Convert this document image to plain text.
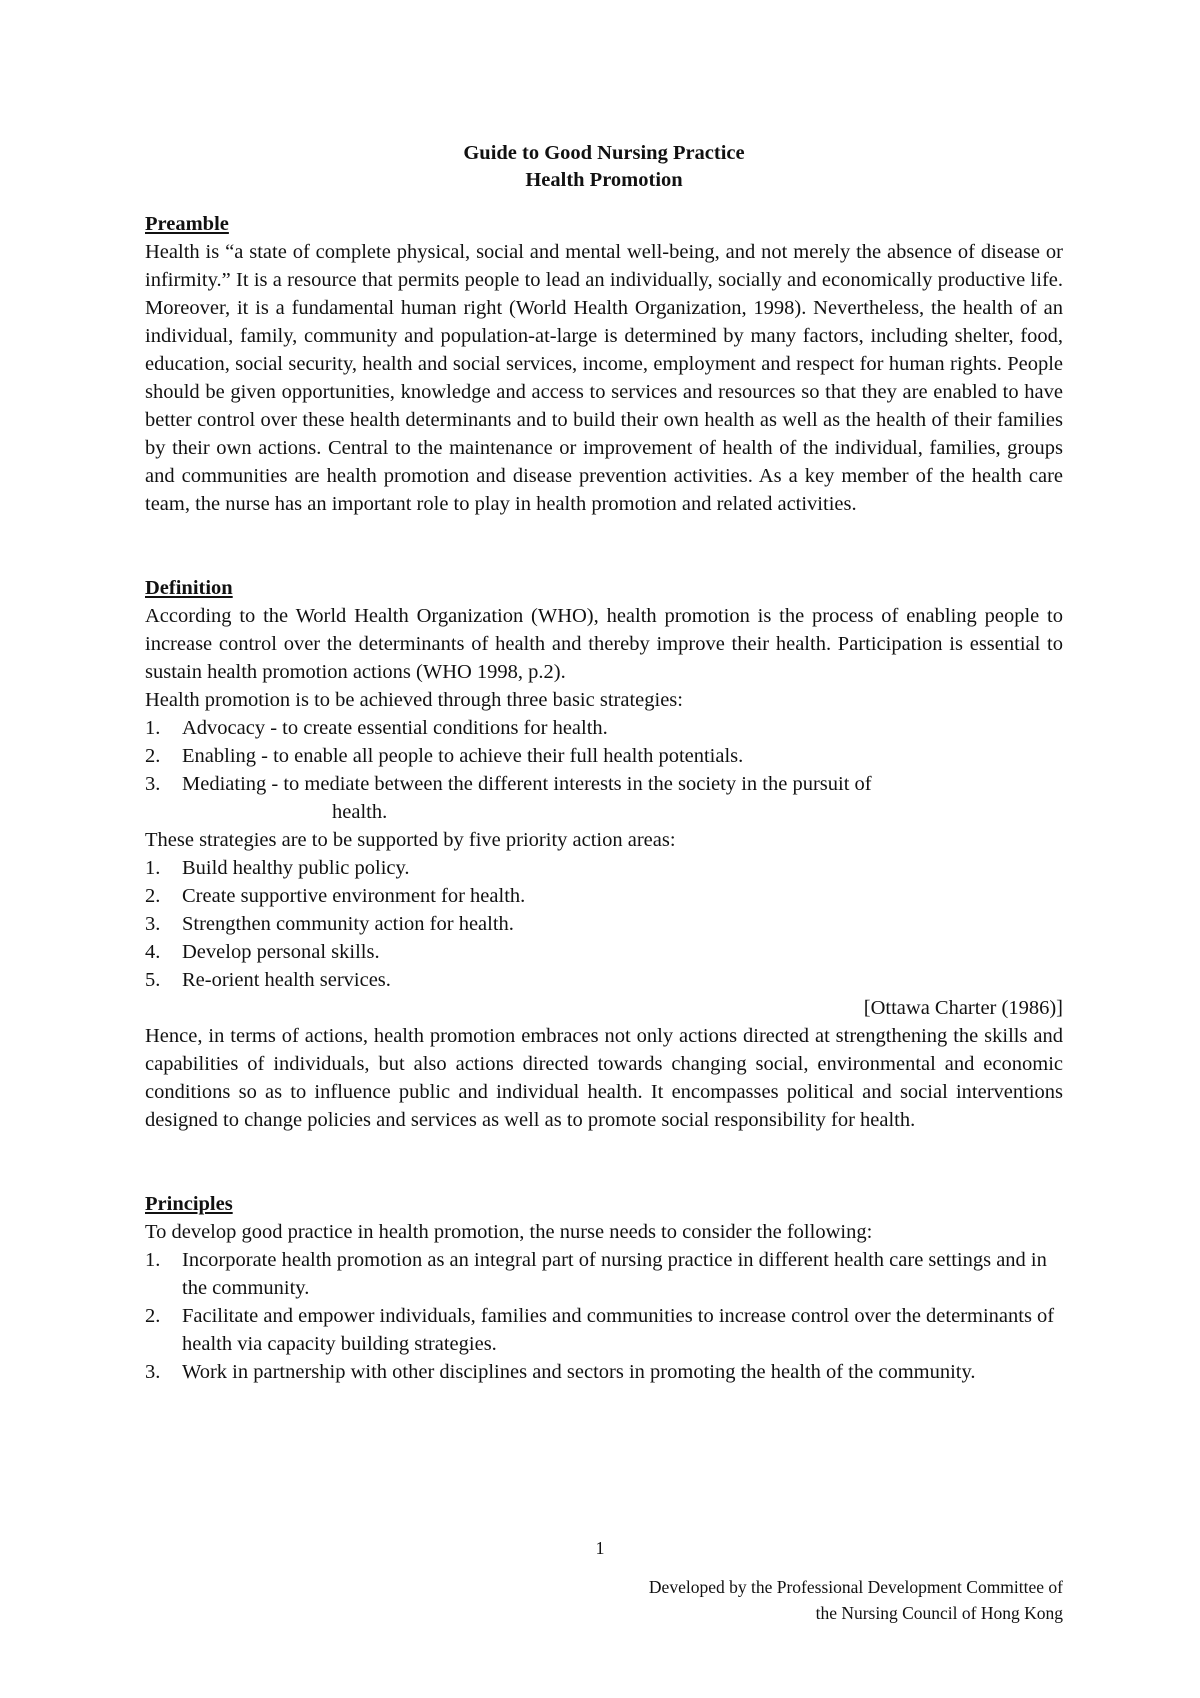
Guide to Good Nursing Practice

Health Promotion

Preamble

Health is “a state of complete physical, social and mental well-being, and not merely the absence of disease or infirmity.” It is a resource that permits people to lead an individually, socially and economically productive life. Moreover, it is a fundamental human right (World Health Organization, 1998). Nevertheless, the health of an individual, family, community and population-at-large is determined by many factors, including shelter, food, education, social security, health and social services, income, employment and respect for human rights. People should be given opportunities, knowledge and access to services and resources so that they are enabled to have better control over these health determinants and to build their own health as well as the health of their families by their own actions. Central to the maintenance or improvement of health of the individual, families, groups and communities are health promotion and disease prevention activities. As a key member of the health care team, the nurse has an important role to play in health promotion and related activities.

Definition

According to the World Health Organization (WHO), health promotion is the process of enabling people to increase control over the determinants of health and thereby improve their health. Participation is essential to sustain health promotion actions (WHO 1998, p.2).

Health promotion is to be achieved through three basic strategies:

1. Advocacy - to create essential conditions for health.
2. Enabling - to enable all people to achieve their full health potentials.
3. Mediating - to mediate between the different interests in the society in the pursuit of
health.

These strategies are to be supported by five priority action areas:

1. Build healthy public policy.
2. Create supportive environment for health.
3. Strengthen community action for health.
4. Develop personal skills.
5. Re-orient health services.

[Ottawa Charter (1986)]

Hence, in terms of actions, health promotion embraces not only actions directed at strengthening the skills and capabilities of individuals, but also actions directed towards changing social, environmental and economic conditions so as to influence public and individual health. It encompasses political and social interventions designed to change policies and services as well as to promote social responsibility for health.

Principles

To develop good practice in health promotion, the nurse needs to consider the following:

1. Incorporate health promotion as an integral part of nursing practice in different health care settings and in the community.
2. Facilitate and empower individuals, families and communities to increase control over the determinants of health via capacity building strategies.
3. Work in partnership with other disciplines and sectors in promoting the health of the community.
1
Developed by the Professional Development Committee of
the Nursing Council of Hong Kong
